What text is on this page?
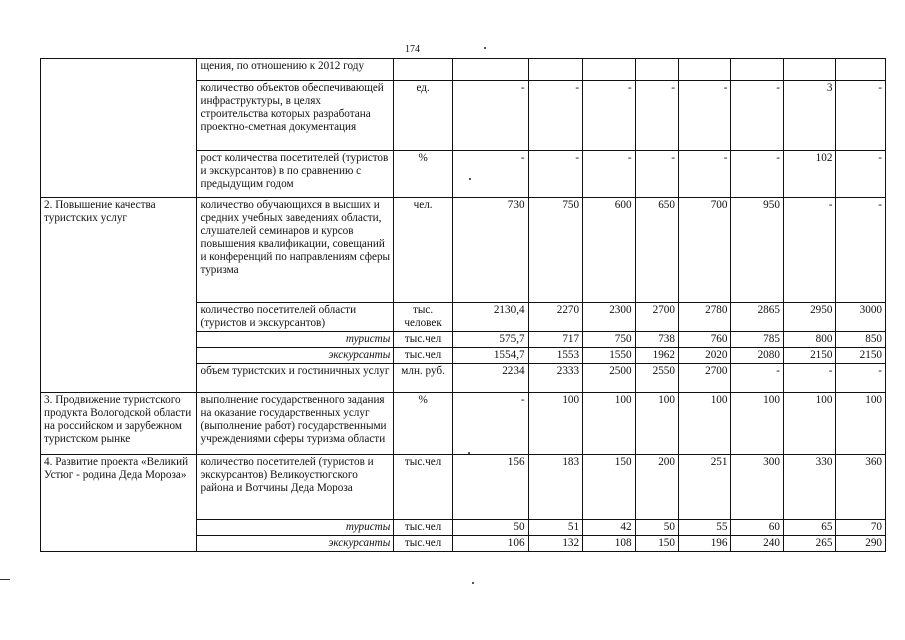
174
	щения, по отношению к 2012 году									
	количество объектов обеспечивающей инфраструктуры, в целях строительства которых разработана проектно-сметная документация	ед.	-	-	-	-	-	-	3	-
	рост количества посетителей (туристов и экскурсантов) в по сравнению с предыдущим годом	%	-	-	-	-	-	-	102	-
2. Повышение качества туристских услуг	количество обучающихся в высших и средних учебных заведениях области, слушателей семинаров и курсов повышения квалификации, совещаний и конференций по направлениям сферы туризма	чел.	730	750	600	650	700	950	-	-
	количество посетителей области (туристов и экскурсантов)	тыс. человек	2130,4	2270	2300	2700	2780	2865	2950	3000
	туристы	тыс.чел	575,7	717	750	738	760	785	800	850
	экскурсанты	тыс.чел	1554,7	1553	1550	1962	2020	2080	2150	2150
	объем туристских и гостиничных услуг	млн. руб.	2234	2333	2500	2550	2700	-	-	-
3. Продвижение туристского продукта Вологодской области на российском и зарубежном туристском рынке	выполнение государственного задания на оказание государственных услуг (выполнение работ) государственными учреждениями сферы туризма области	%	-	100	100	100	100	100	100	100
4. Развитие проекта «Великий Устюг - родина Деда Мороза»	количество посетителей (туристов и экскурсантов) Великоустюгского района и Вотчины Деда Мороза	тыс.чел	156	183	150	200	251	300	330	360
	туристы	тыс.чел	50	51	42	50	55	60	65	70
	экскурсанты	тыс.чел	106	132	108	150	196	240	265	290
